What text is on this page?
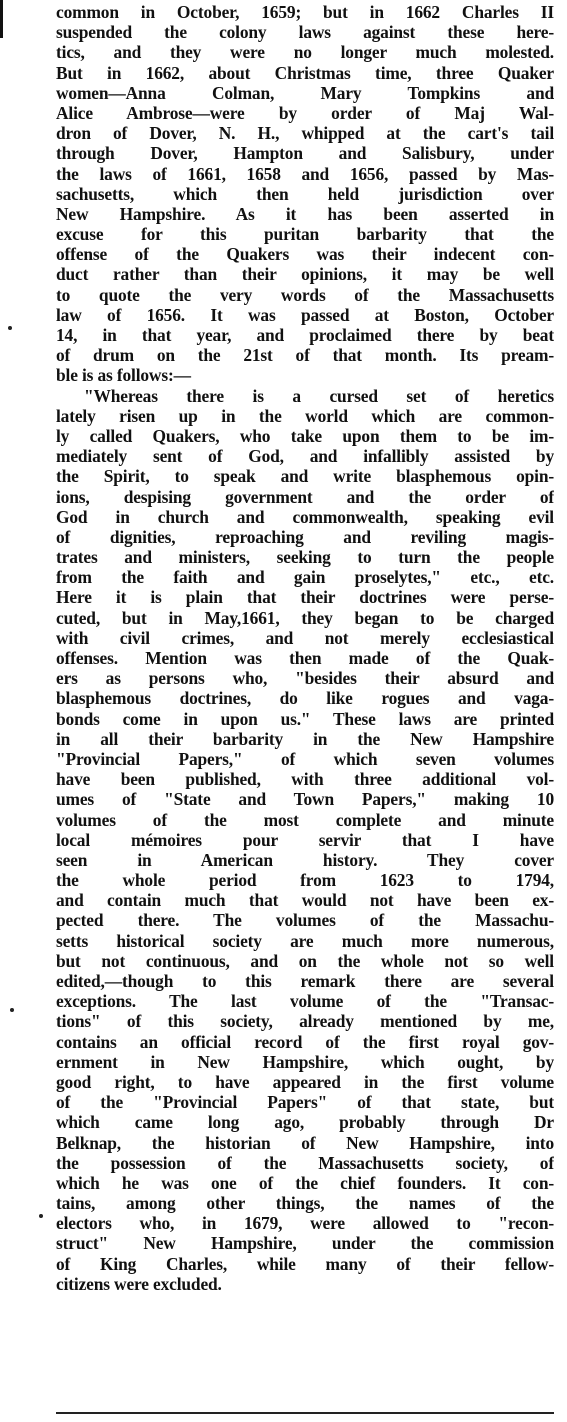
common in October, 1659; but in 1662 Charles II
suspended the colony laws against these here-
tics, and they were no longer much molested.
But in 1662, about Christmas time, three Quaker
women—Anna Colman, Mary Tompkins and
Alice Ambrose—were by order of Maj Wal-
dron of Dover, N. H., whipped at the cart's tail
through Dover, Hampton and Salisbury, under
the laws of 1661, 1658 and 1656, passed by Mas-
sachusetts, which then held jurisdiction over
New Hampshire. As it has been asserted in
excuse for this puritan barbarity that the
offense of the Quakers was their indecent con-
duct rather than their opinions, it may be well
to quote the very words of the Massachusetts
law of 1656. It was passed at Boston, October
14, in that year, and proclaimed there by beat
of drum on the 21st of that month. Its pream-
ble is as follows:—
"Whereas there is a cursed set of heretics
lately risen up in the world which are common-
ly called Quakers, who take upon them to be im-
mediately sent of God, and infallibly assisted by
the Spirit, to speak and write blasphemous opin-
ions, despising government and the order of
God in church and commonwealth, speaking evil
of dignities, reproaching and reviling magis-
trates and ministers, seeking to turn the people
from the faith and gain proselytes," etc., etc.
Here it is plain that their doctrines were perse-
cuted, but in May,1661, they began to be charged
with civil crimes, and not merely ecclesiastical
offenses. Mention was then made of the Quak-
ers as persons who, "besides their absurd and
blasphemous doctrines, do like rogues and vaga-
bonds come in upon us." These laws are printed
in all their barbarity in the New Hampshire
"Provincial Papers," of which seven volumes
have been published, with three additional vol-
umes of "State and Town Papers," making 10
volumes of the most complete and minute
local mémoires pour servir that I have
seen in American history. They cover
the whole period from 1623 to 1794,
and contain much that would not have been ex-
pected there. The volumes of the Massachu-
setts historical society are much more numerous,
but not continuous, and on the whole not so well
edited,—though to this remark there are several
exceptions. The last volume of the "Transac-
tions" of this society, already mentioned by me,
contains an official record of the first royal gov-
ernment in New Hampshire, which ought, by
good right, to have appeared in the first volume
of the "Provincial Papers" of that state, but
which came long ago, probably through Dr
Belknap, the historian of New Hampshire, into
the possession of the Massachusetts society, of
which he was one of the chief founders. It con-
tains, among other things, the names of the
electors who, in 1679, were allowed to "recon-
struct" New Hampshire, under the commission
of King Charles, while many of their fellow-
citizens were excluded.
